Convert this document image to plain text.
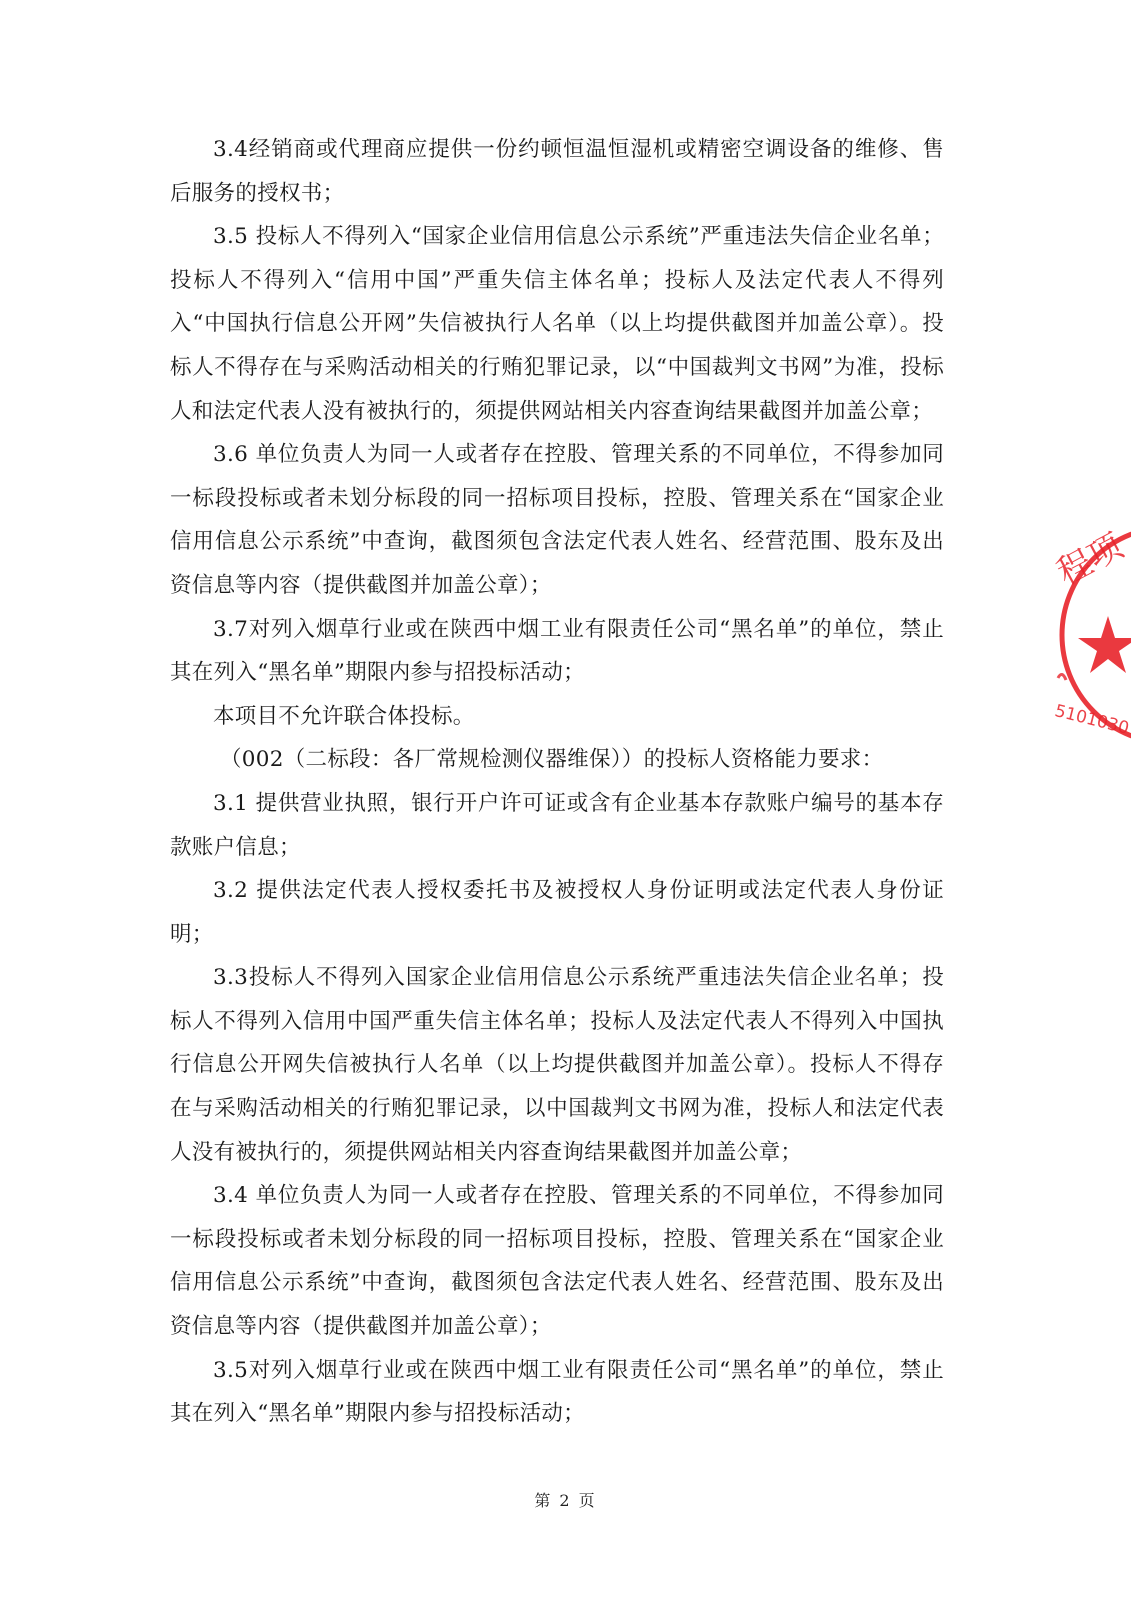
3.4经销商或代理商应提供一份约顿恒温恒湿机或精密空调设备的维修、售后服务的授权书；

3.5 投标人不得列入“国家企业信用信息公示系统”严重违法失信企业名单；投标人不得列入“信用中国”严重失信主体名单；投标人及法定代表人不得列入“中国执行信息公开网”失信被执行人名单（以上均提供截图并加盖公章）。投标人不得存在与采购活动相关的行贿犯罪记录，以“中国裁判文书网”为准，投标人和法定代表人没有被执行的，须提供网站相关内容查询结果截图并加盖公章；

3.6 单位负责人为同一人或者存在控股、管理关系的不同单位，不得参加同一标段投标或者未划分标段的同一招标项目投标，控股、管理关系在“国家企业信用信息公示系统”中查询，截图须包含法定代表人姓名、经营范围、股东及出资信息等内容（提供截图并加盖公章）；

3.7对列入烟草行业或在陕西中烟工业有限责任公司“黑名单”的单位，禁止其在列入“黑名单”期限内参与招投标活动；

本项目不允许联合体投标。

（002（二标段：各厂常规检测仪器维保））的投标人资格能力要求：

3.1 提供营业执照，银行开户许可证或含有企业基本存款账户编号的基本存款账户信息；

3.2 提供法定代表人授权委托书及被授权人身份证明或法定代表人身份证明；

3.3投标人不得列入国家企业信用信息公示系统严重违法失信企业名单；投标人不得列入信用中国严重失信主体名单；投标人及法定代表人不得列入中国执行信息公开网失信被执行人名单（以上均提供截图并加盖公章）。投标人不得存在与采购活动相关的行贿犯罪记录，以中国裁判文书网为准，投标人和法定代表人没有被执行的，须提供网站相关内容查询结果截图并加盖公章；

3.4 单位负责人为同一人或者存在控股、管理关系的不同单位，不得参加同一标段投标或者未划分标段的同一招标项目投标，控股、管理关系在“国家企业信用信息公示系统”中查询，截图须包含法定代表人姓名、经营范围、股东及出资信息等内容（提供截图并加盖公章）；

3.5对列入烟草行业或在陕西中烟工业有限责任公司“黑名单”的单位，禁止其在列入“黑名单”期限内参与招投标活动；

第 2 页
程项
5101030
